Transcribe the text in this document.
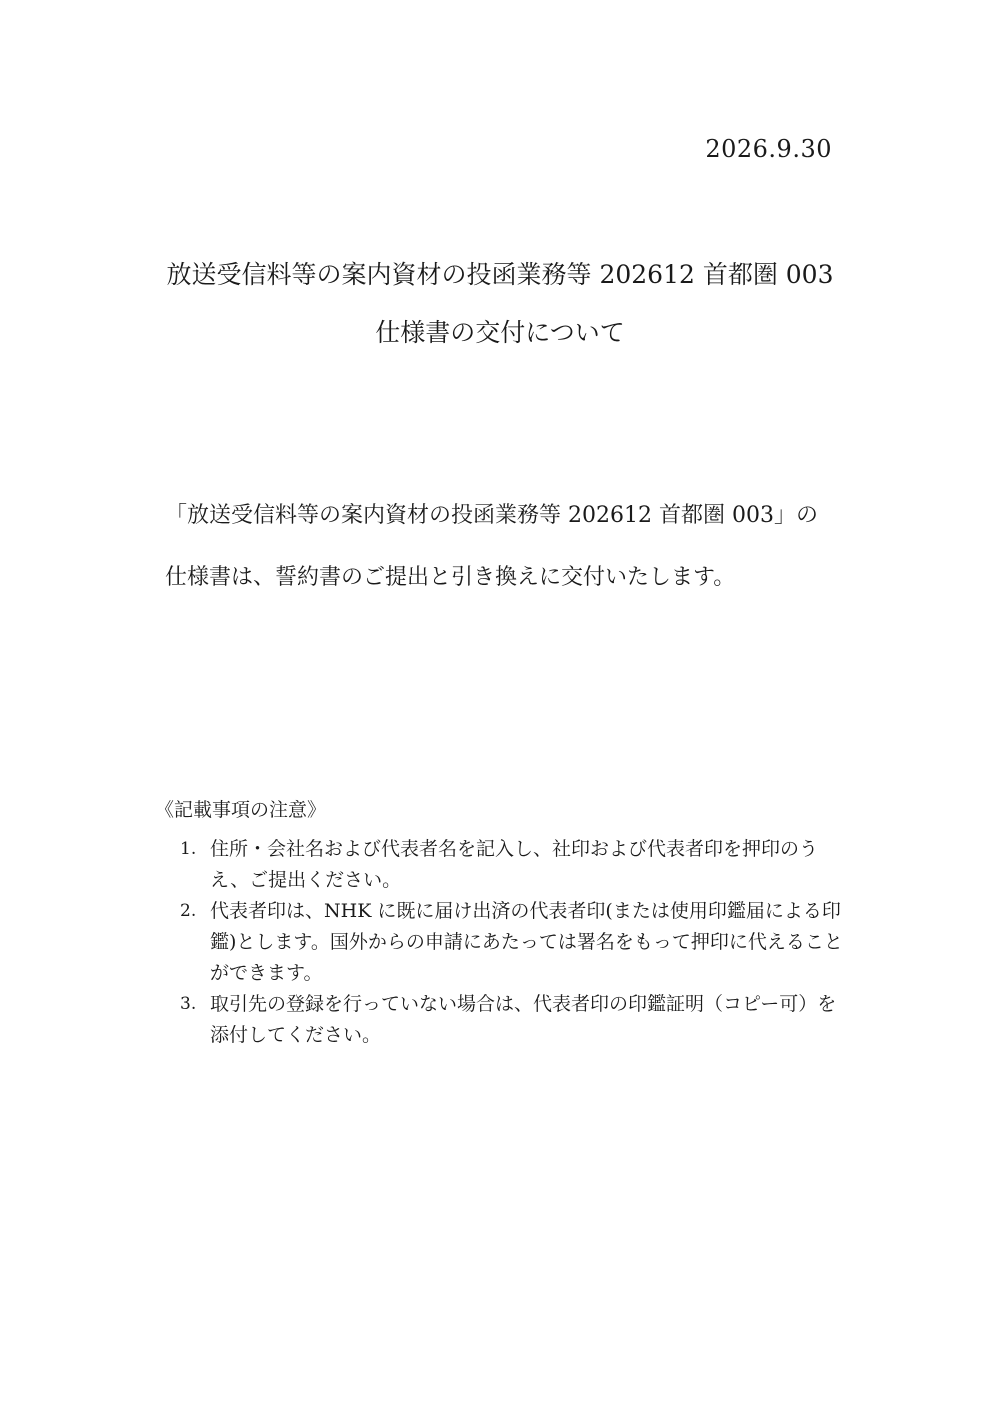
2026.9.30
放送受信料等の案内資材の投函業務等 202612 首都圏 003
仕様書の交付について
「放送受信料等の案内資材の投函業務等 202612 首都圏 003」の
仕様書は、誓約書のご提出と引き換えに交付いたします。
《記載事項の注意》
1. 住所・会社名および代表者名を記入し、社印および代表者印を押印のうえ、ご提出ください。
2. 代表者印は、NHK に既に届け出済の代表者印(または使用印鑑届による印鑑)とします。国外からの申請にあたっては署名をもって押印に代えることができます。
3. 取引先の登録を行っていない場合は、代表者印の印鑑証明（コピー可）を添付してください。
